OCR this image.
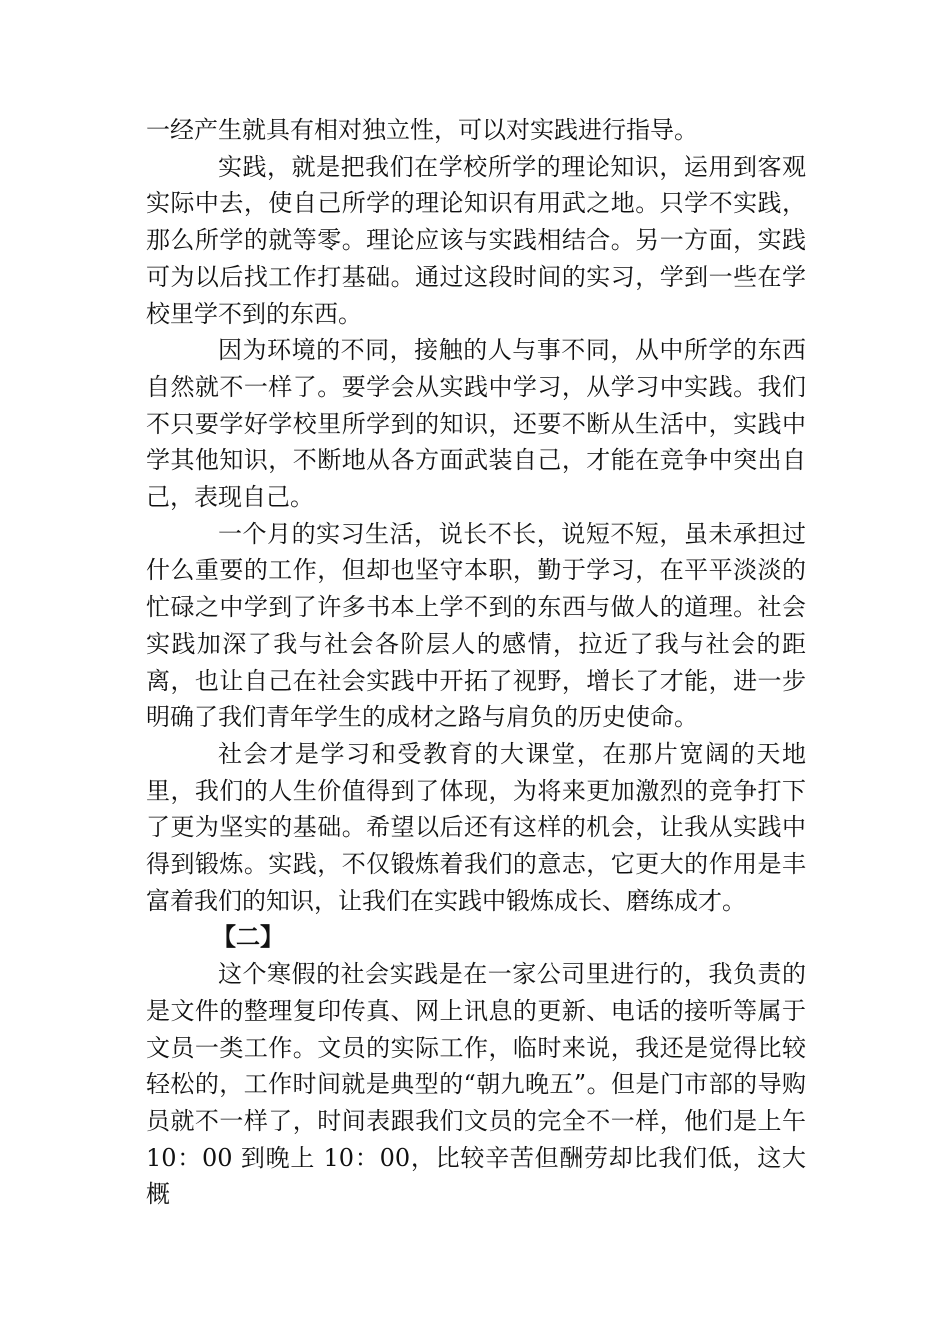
一经产生就具有相对独立性，可以对实践进行指导。

实践，就是把我们在学校所学的理论知识，运用到客观实际中去，使自己所学的理论知识有用武之地。只学不实践，那么所学的就等零。理论应该与实践相结合。另一方面，实践可为以后找工作打基础。通过这段时间的实习，学到一些在学校里学不到的东西。

因为环境的不同，接触的人与事不同，从中所学的东西自然就不一样了。要学会从实践中学习，从学习中实践。我们不只要学好学校里所学到的知识，还要不断从生活中，实践中学其他知识，不断地从各方面武装自己，才能在竞争中突出自己，表现自己。

一个月的实习生活，说长不长，说短不短，虽未承担过什么重要的工作，但却也坚守本职，勤于学习，在平平淡淡的忙碌之中学到了许多书本上学不到的东西与做人的道理。社会实践加深了我与社会各阶层人的感情，拉近了我与社会的距离，也让自己在社会实践中开拓了视野，增长了才能，进一步明确了我们青年学生的成材之路与肩负的历史使命。

社会才是学习和受教育的大课堂，在那片宽阔的天地里，我们的人生价值得到了体现，为将来更加激烈的竞争打下了更为坚实的基础。希望以后还有这样的机会，让我从实践中得到锻炼。实践，不仅锻炼着我们的意志，它更大的作用是丰富着我们的知识，让我们在实践中锻炼成长、磨练成才。

【二】

这个寒假的社会实践是在一家公司里进行的，我负责的是文件的整理复印传真、网上讯息的更新、电话的接听等属于文员一类工作。文员的实际工作，临时来说，我还是觉得比较轻松的，工作时间就是典型的“朝九晚五”。但是门市部的导购员就不一样了，时间表跟我们文员的完全不一样，他们是上午 10：00 到晚上 10：00，比较辛苦但酬劳却比我们低，这大概
